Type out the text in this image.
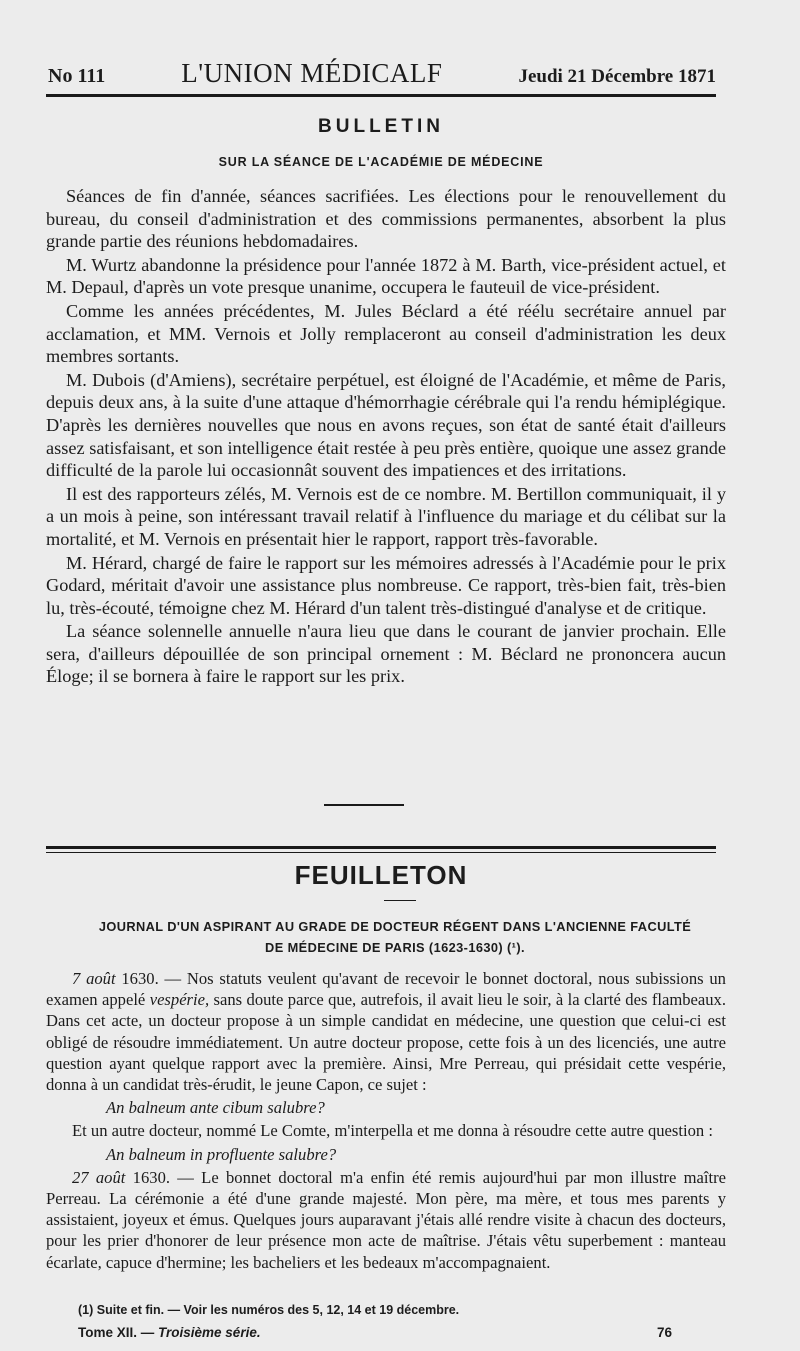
No 111	L'UNION MÉDICALF	Jeudi 21 Décembre 1871
BULLETIN
SUR LA SÉANCE DE L'ACADÉMIE DE MÉDECINE

Séances de fin d'année, séances sacrifiées. Les élections pour le renouvellement du bureau, du conseil d'administration et des commissions permanentes, absorbent la plus grande partie des réunions hebdomadaires.

M. Wurtz abandonne la présidence pour l'année 1872 à M. Barth, vice-président actuel, et M. Depaul, d'après un vote presque unanime, occupera le fauteuil de vice-président.

Comme les années précédentes, M. Jules Béclard a été réélu secrétaire annuel par acclamation, et MM. Vernois et Jolly remplaceront au conseil d'administration les deux membres sortants.

M. Dubois (d'Amiens), secrétaire perpétuel, est éloigné de l'Académie, et même de Paris, depuis deux ans, à la suite d'une attaque d'hémorrhagie cérébrale qui l'a rendu hémiplégique. D'après les dernières nouvelles que nous en avons reçues, son état de santé était d'ailleurs assez satisfaisant, et son intelligence était restée à peu près entière, quoique une assez grande difficulté de la parole lui occasionnât souvent des impatiences et des irritations.

Il est des rapporteurs zélés, M. Vernois est de ce nombre. M. Bertillon communiquait, il y a un mois à peine, son intéressant travail relatif à l'influence du mariage et du célibat sur la mortalité, et M. Vernois en présentait hier le rapport, rapport très-favorable.

M. Hérard, chargé de faire le rapport sur les mémoires adressés à l'Académie pour le prix Godard, méritait d'avoir une assistance plus nombreuse. Ce rapport, très-bien fait, très-bien lu, très-écouté, témoigne chez M. Hérard d'un talent très-distingué d'analyse et de critique.

La séance solennelle annuelle n'aura lieu que dans le courant de janvier prochain. Elle sera, d'ailleurs dépouillée de son principal ornement : M. Béclard ne prononcera aucun Éloge; il se bornera à faire le rapport sur les prix.

FEUILLETON
JOURNAL D'UN ASPIRANT AU GRADE DE DOCTEUR RÉGENT DANS L'ANCIENNE FACULTÉ
DE MÉDECINE DE PARIS (1623-1630) (¹).

7 août 1630. — Nos statuts veulent qu'avant de recevoir le bonnet doctoral, nous subissions un examen appelé vespérie, sans doute parce que, autrefois, il avait lieu le soir, à la clarté des flambeaux. Dans cet acte, un docteur propose à un simple candidat en médecine, une question que celui-ci est obligé de résoudre immédiatement. Un autre docteur propose, cette fois à un des licenciés, une autre question ayant quelque rapport avec la première. Ainsi, Mre Perreau, qui présidait cette vespérie, donna à un candidat très-érudit, le jeune Capon, ce sujet :

An balneum ante cibum salubre?

Et un autre docteur, nommé Le Comte, m'interpella et me donna à résoudre cette autre question :

An balneum in profluente salubre?

27 août 1630. — Le bonnet doctoral m'a enfin été remis aujourd'hui par mon illustre maître Perreau. La cérémonie a été d'une grande majesté. Mon père, ma mère, et tous mes parents y assistaient, joyeux et émus. Quelques jours auparavant j'étais allé rendre visite à chacun des docteurs, pour les prier d'honorer de leur présence mon acte de maîtrise. J'étais vêtu superbement : manteau écarlate, capuce d'hermine; les bacheliers et les bedeaux m'accompagnaient.

(1) Suite et fin. — Voir les numéros des 5, 12, 14 et 19 décembre.
Tome XII. — Troisième série.	76
